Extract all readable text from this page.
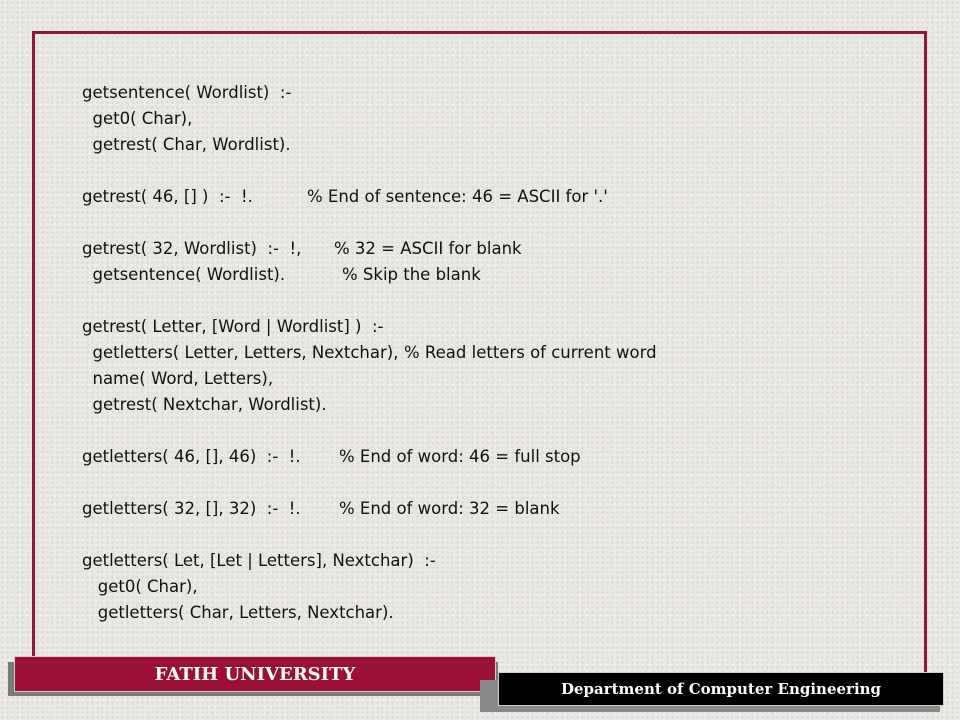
getsentence( Wordlist)  :-
get0( Char),
getrest( Char, Wordlist).
getrest( 46, [] )  :-  !.	% End of sentence: 46 = ASCII for '.'
getrest( 32, Wordlist)  :-  !, % 32 = ASCII for blank
getsentence( Wordlist).	% Skip the blank
getrest( Letter, [Word | Wordlist] )  :-
getletters( Letter, Letters, Nextchar), % Read letters of current word
name( Word, Letters),
getrest( Nextchar, Wordlist).
getletters( 46, [], 46)  :-  !. % End of word: 46 = full stop
getletters( 32, [], 32)  :-  !. % End of word: 32 = blank
getletters( Let, [Let | Letters], Nextchar)  :-
get0( Char),
getletters( Char, Letters, Nextchar).
FATIH UNIVERSITY
Department of Computer Engineering
